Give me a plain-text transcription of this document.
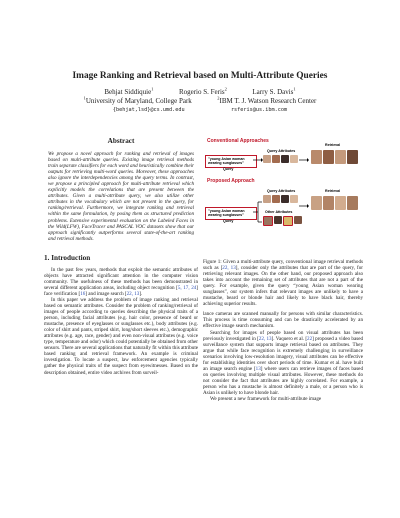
Image Ranking and Retrieval based on Multi-Attribute Queries
Behjat Siddiquie$^1$	Rogerio S. Feris$^2$	Larry S. Davis$^1$
$^1$University of Maryland, College Park	$^2$IBM T. J. Watson Research Center
{behjat,lsd}@cs.umd.edu	rsferis@us.ibm.com
Abstract

We propose a novel approach for ranking and retrieval of images based on multi-attribute queries. Existing image retrieval methods train separate classifiers for each word and heuristically combine their outputs for retrieving multi-word queries. Moreover, these approaches also ignore the interdependencies among the query terms. In contrast, we propose a principled approach for multi-attribute retrieval which explicitly models the correlations that are present between the attributes. Given a multi-attribute query, we also utilize other attributes in the vocabulary which are not present in the query, for ranking/retrieval. Furthermore, we integrate ranking and retrieval within the same formulation, by posing them as structured prediction problems. Extensive experimental evaluation on the Labeled Faces in the Wild(LFW), FaceTracer and PASCAL VOC datasets show that our approach significantly outperforms several state-of-the-art ranking and retrieval methods.

1. Introduction

In the past few years, methods that exploit the semantic attributes of objects have attracted significant attention in the computer vision community. The usefulness of these methods has been demonstrated in several different application areas, including object recognition [5, 17, 24] face verification [16] and image search [22, 13].

In this paper we address the problem of image ranking and retrieval based on semantic attributes. Consider the problem of ranking/retrieval of images of people according to queries describing the physical traits of a person, including facial attributes (e.g. hair color, presence of beard or mustache, presence of eyeglasses or sunglasses etc.), body attributes (e.g. color of shirt and pants, striped shirt, long/short sleeves etc.), demographic attributes (e.g. age, race, gender) and even non-visual attributes (e.g. voice type, temperature and odor) which could potentially be obtained from other sensors. There are several applications that naturally fit within this attribute based ranking and retrieval framework. An example is criminal investigation. To locate a suspect, law enforcement agencies typically gather the physical traits of the suspect from eyewitnesses. Based on the description obtained, entire video archives from surveil-

Conventional Approaches
Query Attributes
"young Asian woman wearing sunglasses"
Query
Retrieval
Proposed Approach
Query Attributes
"young Asian woman wearing sunglasses"
Query
Other Attributes
Retrieval

Figure 1: Given a multi-attribute query, conventional image retrieval methods such as [22, 13], consider only the attributes that are part of the query, for retrieving relevant images. On the other hand, our proposed approach also takes into account the remaining set of attributes that are not a part of the query. For example, given the query “young Asian woman wearing sunglasses”, our system infers that relevant images are unlikely to have a mustache, beard or blonde hair and likely to have black hair, thereby achieving superior results.

lance cameras are scanned manually for persons with similar characteristics. This process is time consuming and can be drastically accelerated by an effective image search mechanism.

Searching for images of people based on visual attributes has been previously investigated in [22, 13]. Vaquero et al. [22] proposed a video based surveillance system that supports image retrieval based on attributes. They argue that while face recognition is extremely challenging in surveillance scenarios involving low-resolution imagery, visual attributes can be effective for establishing identities over short periods of time. Kumar et al. have built an image search engine [13] where users can retrieve images of faces based on queries involving multiple visual attributes. However, these methods do not consider the fact that attributes are highly correlated. For example, a person who has a mustache is almost definitely a male, or a person who is Asian is unlikely to have blonde hair.

We present a new framework for multi-attribute image
